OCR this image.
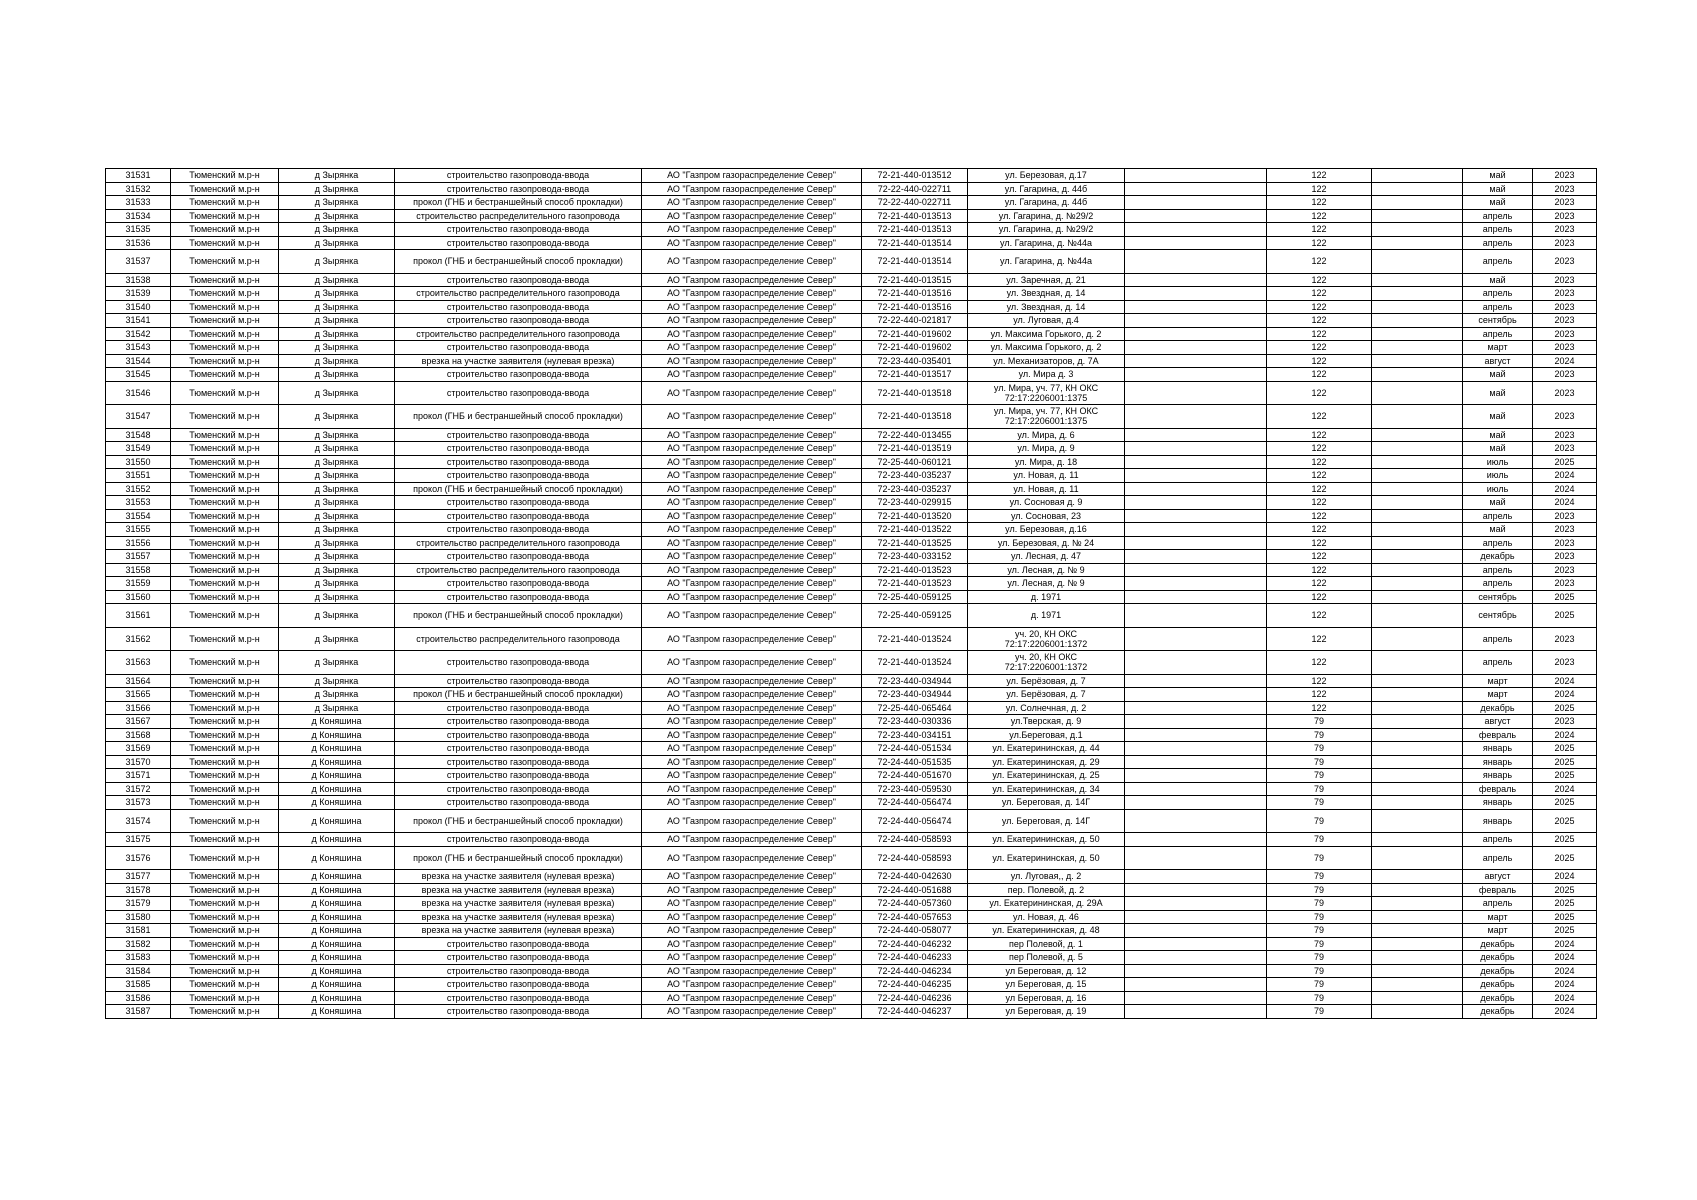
31531	Тюменский м.р-н	д Зырянка	строительство газопровода-ввода	АО "Газпром газораспределение Север"	72-21-440-013512	ул. Березовая, д.17		122		май	2023
31532	Тюменский м.р-н	д Зырянка	строительство газопровода-ввода	АО "Газпром газораспределение Север"	72-22-440-022711	ул. Гагарина, д. 44б		122		май	2023
31533	Тюменский м.р-н	д Зырянка	прокол (ГНБ и бестраншейный способ прокладки)	АО "Газпром газораспределение Север"	72-22-440-022711	ул. Гагарина, д. 44б		122		май	2023
31534	Тюменский м.р-н	д Зырянка	строительство распределительного газопровода	АО "Газпром газораспределение Север"	72-21-440-013513	ул. Гагарина, д. №29/2		122		апрель	2023
31535	Тюменский м.р-н	д Зырянка	строительство газопровода-ввода	АО "Газпром газораспределение Север"	72-21-440-013513	ул. Гагарина, д. №29/2		122		апрель	2023
31536	Тюменский м.р-н	д Зырянка	строительство газопровода-ввода	АО "Газпром газораспределение Север"	72-21-440-013514	ул. Гагарина, д. №44а		122		апрель	2023
31537	Тюменский м.р-н	д Зырянка	прокол (ГНБ и бестраншейный способ прокладки)	АО "Газпром газораспределение Север"	72-21-440-013514	ул. Гагарина, д. №44а		122		апрель	2023
31538	Тюменский м.р-н	д Зырянка	строительство газопровода-ввода	АО "Газпром газораспределение Север"	72-21-440-013515	ул. Заречная, д. 21		122		май	2023
31539	Тюменский м.р-н	д Зырянка	строительство распределительного газопровода	АО "Газпром газораспределение Север"	72-21-440-013516	ул. Звездная, д. 14		122		апрель	2023
31540	Тюменский м.р-н	д Зырянка	строительство газопровода-ввода	АО "Газпром газораспределение Север"	72-21-440-013516	ул. Звездная, д. 14		122		апрель	2023
31541	Тюменский м.р-н	д Зырянка	строительство газопровода-ввода	АО "Газпром газораспределение Север"	72-22-440-021817	ул. Луговая, д.4		122		сентябрь	2023
31542	Тюменский м.р-н	д Зырянка	строительство распределительного газопровода	АО "Газпром газораспределение Север"	72-21-440-019602	ул. Максима Горького, д. 2		122		апрель	2023
31543	Тюменский м.р-н	д Зырянка	строительство газопровода-ввода	АО "Газпром газораспределение Север"	72-21-440-019602	ул. Максима Горького, д. 2		122		март	2023
31544	Тюменский м.р-н	д Зырянка	врезка на участке заявителя (нулевая врезка)	АО "Газпром газораспределение Север"	72-23-440-035401	ул. Механизаторов, д. 7А		122		август	2024
31545	Тюменский м.р-н	д Зырянка	строительство газопровода-ввода	АО "Газпром газораспределение Север"	72-21-440-013517	ул. Мира д. 3		122		май	2023
31546	Тюменский м.р-н	д Зырянка	строительство газопровода-ввода	АО "Газпром газораспределение Север"	72-21-440-013518	ул. Мира, уч. 77, КН ОКС
72:17:2206001:1375		122		май	2023
31547	Тюменский м.р-н	д Зырянка	прокол (ГНБ и бестраншейный способ прокладки)	АО "Газпром газораспределение Север"	72-21-440-013518	ул. Мира, уч. 77, КН ОКС
72:17:2206001:1375		122		май	2023
31548	Тюменский м.р-н	д Зырянка	строительство газопровода-ввода	АО "Газпром газораспределение Север"	72-22-440-013455	ул. Мира, д. 6		122		май	2023
31549	Тюменский м.р-н	д Зырянка	строительство газопровода-ввода	АО "Газпром газораспределение Север"	72-21-440-013519	ул. Мира, д. 9		122		май	2023
31550	Тюменский м.р-н	д Зырянка	строительство газопровода-ввода	АО "Газпром газораспределение Север"	72-25-440-060121	ул. Мира, д. 18		122		июль	2025
31551	Тюменский м.р-н	д Зырянка	строительство газопровода-ввода	АО "Газпром газораспределение Север"	72-23-440-035237	ул. Новая, д. 11		122		июль	2024
31552	Тюменский м.р-н	д Зырянка	прокол (ГНБ и бестраншейный способ прокладки)	АО "Газпром газораспределение Север"	72-23-440-035237	ул. Новая, д. 11		122		июль	2024
31553	Тюменский м.р-н	д Зырянка	строительство газопровода-ввода	АО "Газпром газораспределение Север"	72-23-440-029915	ул. Сосновая д. 9		122		май	2024
31554	Тюменский м.р-н	д Зырянка	строительство газопровода-ввода	АО "Газпром газораспределение Север"	72-21-440-013520	ул. Сосновая, 23		122		апрель	2023
31555	Тюменский м.р-н	д Зырянка	строительство газопровода-ввода	АО "Газпром газораспределение Север"	72-21-440-013522	ул. Березовая, д.16		122		май	2023
31556	Тюменский м.р-н	д Зырянка	строительство распределительного газопровода	АО "Газпром газораспределение Север"	72-21-440-013525	ул. Березовая, д. № 24		122		апрель	2023
31557	Тюменский м.р-н	д Зырянка	строительство газопровода-ввода	АО "Газпром газораспределение Север"	72-23-440-033152	ул. Лесная, д. 47		122		декабрь	2023
31558	Тюменский м.р-н	д Зырянка	строительство распределительного газопровода	АО "Газпром газораспределение Север"	72-21-440-013523	ул. Лесная, д. № 9		122		апрель	2023
31559	Тюменский м.р-н	д Зырянка	строительство газопровода-ввода	АО "Газпром газораспределение Север"	72-21-440-013523	ул. Лесная, д. № 9		122		апрель	2023
31560	Тюменский м.р-н	д Зырянка	строительство газопровода-ввода	АО "Газпром газораспределение Север"	72-25-440-059125	д. 1971		122		сентябрь	2025
31561	Тюменский м.р-н	д Зырянка	прокол (ГНБ и бестраншейный способ прокладки)	АО "Газпром газораспределение Север"	72-25-440-059125	д. 1971		122		сентябрь	2025
31562	Тюменский м.р-н	д Зырянка	строительство распределительного газопровода	АО "Газпром газораспределение Север"	72-21-440-013524	уч. 20, КН ОКС
72:17:2206001:1372		122		апрель	2023
31563	Тюменский м.р-н	д Зырянка	строительство газопровода-ввода	АО "Газпром газораспределение Север"	72-21-440-013524	уч. 20, КН ОКС
72:17:2206001:1372		122		апрель	2023
31564	Тюменский м.р-н	д Зырянка	строительство газопровода-ввода	АО "Газпром газораспределение Север"	72-23-440-034944	ул. Берёзовая, д. 7		122		март	2024
31565	Тюменский м.р-н	д Зырянка	прокол (ГНБ и бестраншейный способ прокладки)	АО "Газпром газораспределение Север"	72-23-440-034944	ул. Берёзовая, д. 7		122		март	2024
31566	Тюменский м.р-н	д Зырянка	строительство газопровода-ввода	АО "Газпром газораспределение Север"	72-25-440-065464	ул. Солнечная, д. 2		122		декабрь	2025
31567	Тюменский м.р-н	д Коняшина	строительство газопровода-ввода	АО "Газпром газораспределение Север"	72-23-440-030336	ул.Тверская, д. 9		79		август	2023
31568	Тюменский м.р-н	д Коняшина	строительство газопровода-ввода	АО "Газпром газораспределение Север"	72-23-440-034151	ул.Береговая, д.1		79		февраль	2024
31569	Тюменский м.р-н	д Коняшина	строительство газопровода-ввода	АО "Газпром газораспределение Север"	72-24-440-051534	ул. Екатерининская, д. 44		79		январь	2025
31570	Тюменский м.р-н	д Коняшина	строительство газопровода-ввода	АО "Газпром газораспределение Север"	72-24-440-051535	ул. Екатерининская, д. 29		79		январь	2025
31571	Тюменский м.р-н	д Коняшина	строительство газопровода-ввода	АО "Газпром газораспределение Север"	72-24-440-051670	ул. Екатерининская, д. 25		79		январь	2025
31572	Тюменский м.р-н	д Коняшина	строительство газопровода-ввода	АО "Газпром газораспределение Север"	72-23-440-059530	ул. Екатерининская, д. 34		79		февраль	2024
31573	Тюменский м.р-н	д Коняшина	строительство газопровода-ввода	АО "Газпром газораспределение Север"	72-24-440-056474	ул. Береговая, д. 14Г		79		январь	2025
31574	Тюменский м.р-н	д Коняшина	прокол (ГНБ и бестраншейный способ прокладки)	АО "Газпром газораспределение Север"	72-24-440-056474	ул. Береговая, д. 14Г		79		январь	2025
31575	Тюменский м.р-н	д Коняшина	строительство газопровода-ввода	АО "Газпром газораспределение Север"	72-24-440-058593	ул. Екатерининская, д. 50		79		апрель	2025
31576	Тюменский м.р-н	д Коняшина	прокол (ГНБ и бестраншейный способ прокладки)	АО "Газпром газораспределение Север"	72-24-440-058593	ул. Екатерининская, д. 50		79		апрель	2025
31577	Тюменский м.р-н	д Коняшина	врезка на участке заявителя (нулевая врезка)	АО "Газпром газораспределение Север"	72-24-440-042630	ул. Луговая,, д. 2		79		август	2024
31578	Тюменский м.р-н	д Коняшина	врезка на участке заявителя (нулевая врезка)	АО "Газпром газораспределение Север"	72-24-440-051688	пер. Полевой, д. 2		79		февраль	2025
31579	Тюменский м.р-н	д Коняшина	врезка на участке заявителя (нулевая врезка)	АО "Газпром газораспределение Север"	72-24-440-057360	ул. Екатерининская, д. 29А		79		апрель	2025
31580	Тюменский м.р-н	д Коняшина	врезка на участке заявителя (нулевая врезка)	АО "Газпром газораспределение Север"	72-24-440-057653	ул. Новая, д. 46		79		март	2025
31581	Тюменский м.р-н	д Коняшина	врезка на участке заявителя (нулевая врезка)	АО "Газпром газораспределение Север"	72-24-440-058077	ул. Екатерининская, д. 48		79		март	2025
31582	Тюменский м.р-н	д Коняшина	строительство газопровода-ввода	АО "Газпром газораспределение Север"	72-24-440-046232	пер Полевой, д. 1		79		декабрь	2024
31583	Тюменский м.р-н	д Коняшина	строительство газопровода-ввода	АО "Газпром газораспределение Север"	72-24-440-046233	пер Полевой, д. 5		79		декабрь	2024
31584	Тюменский м.р-н	д Коняшина	строительство газопровода-ввода	АО "Газпром газораспределение Север"	72-24-440-046234	ул Береговая, д. 12		79		декабрь	2024
31585	Тюменский м.р-н	д Коняшина	строительство газопровода-ввода	АО "Газпром газораспределение Север"	72-24-440-046235	ул Береговая, д. 15		79		декабрь	2024
31586	Тюменский м.р-н	д Коняшина	строительство газопровода-ввода	АО "Газпром газораспределение Север"	72-24-440-046236	ул Береговая, д. 16		79		декабрь	2024
31587	Тюменский м.р-н	д Коняшина	строительство газопровода-ввода	АО "Газпром газораспределение Север"	72-24-440-046237	ул Береговая, д. 19		79		декабрь	2024
